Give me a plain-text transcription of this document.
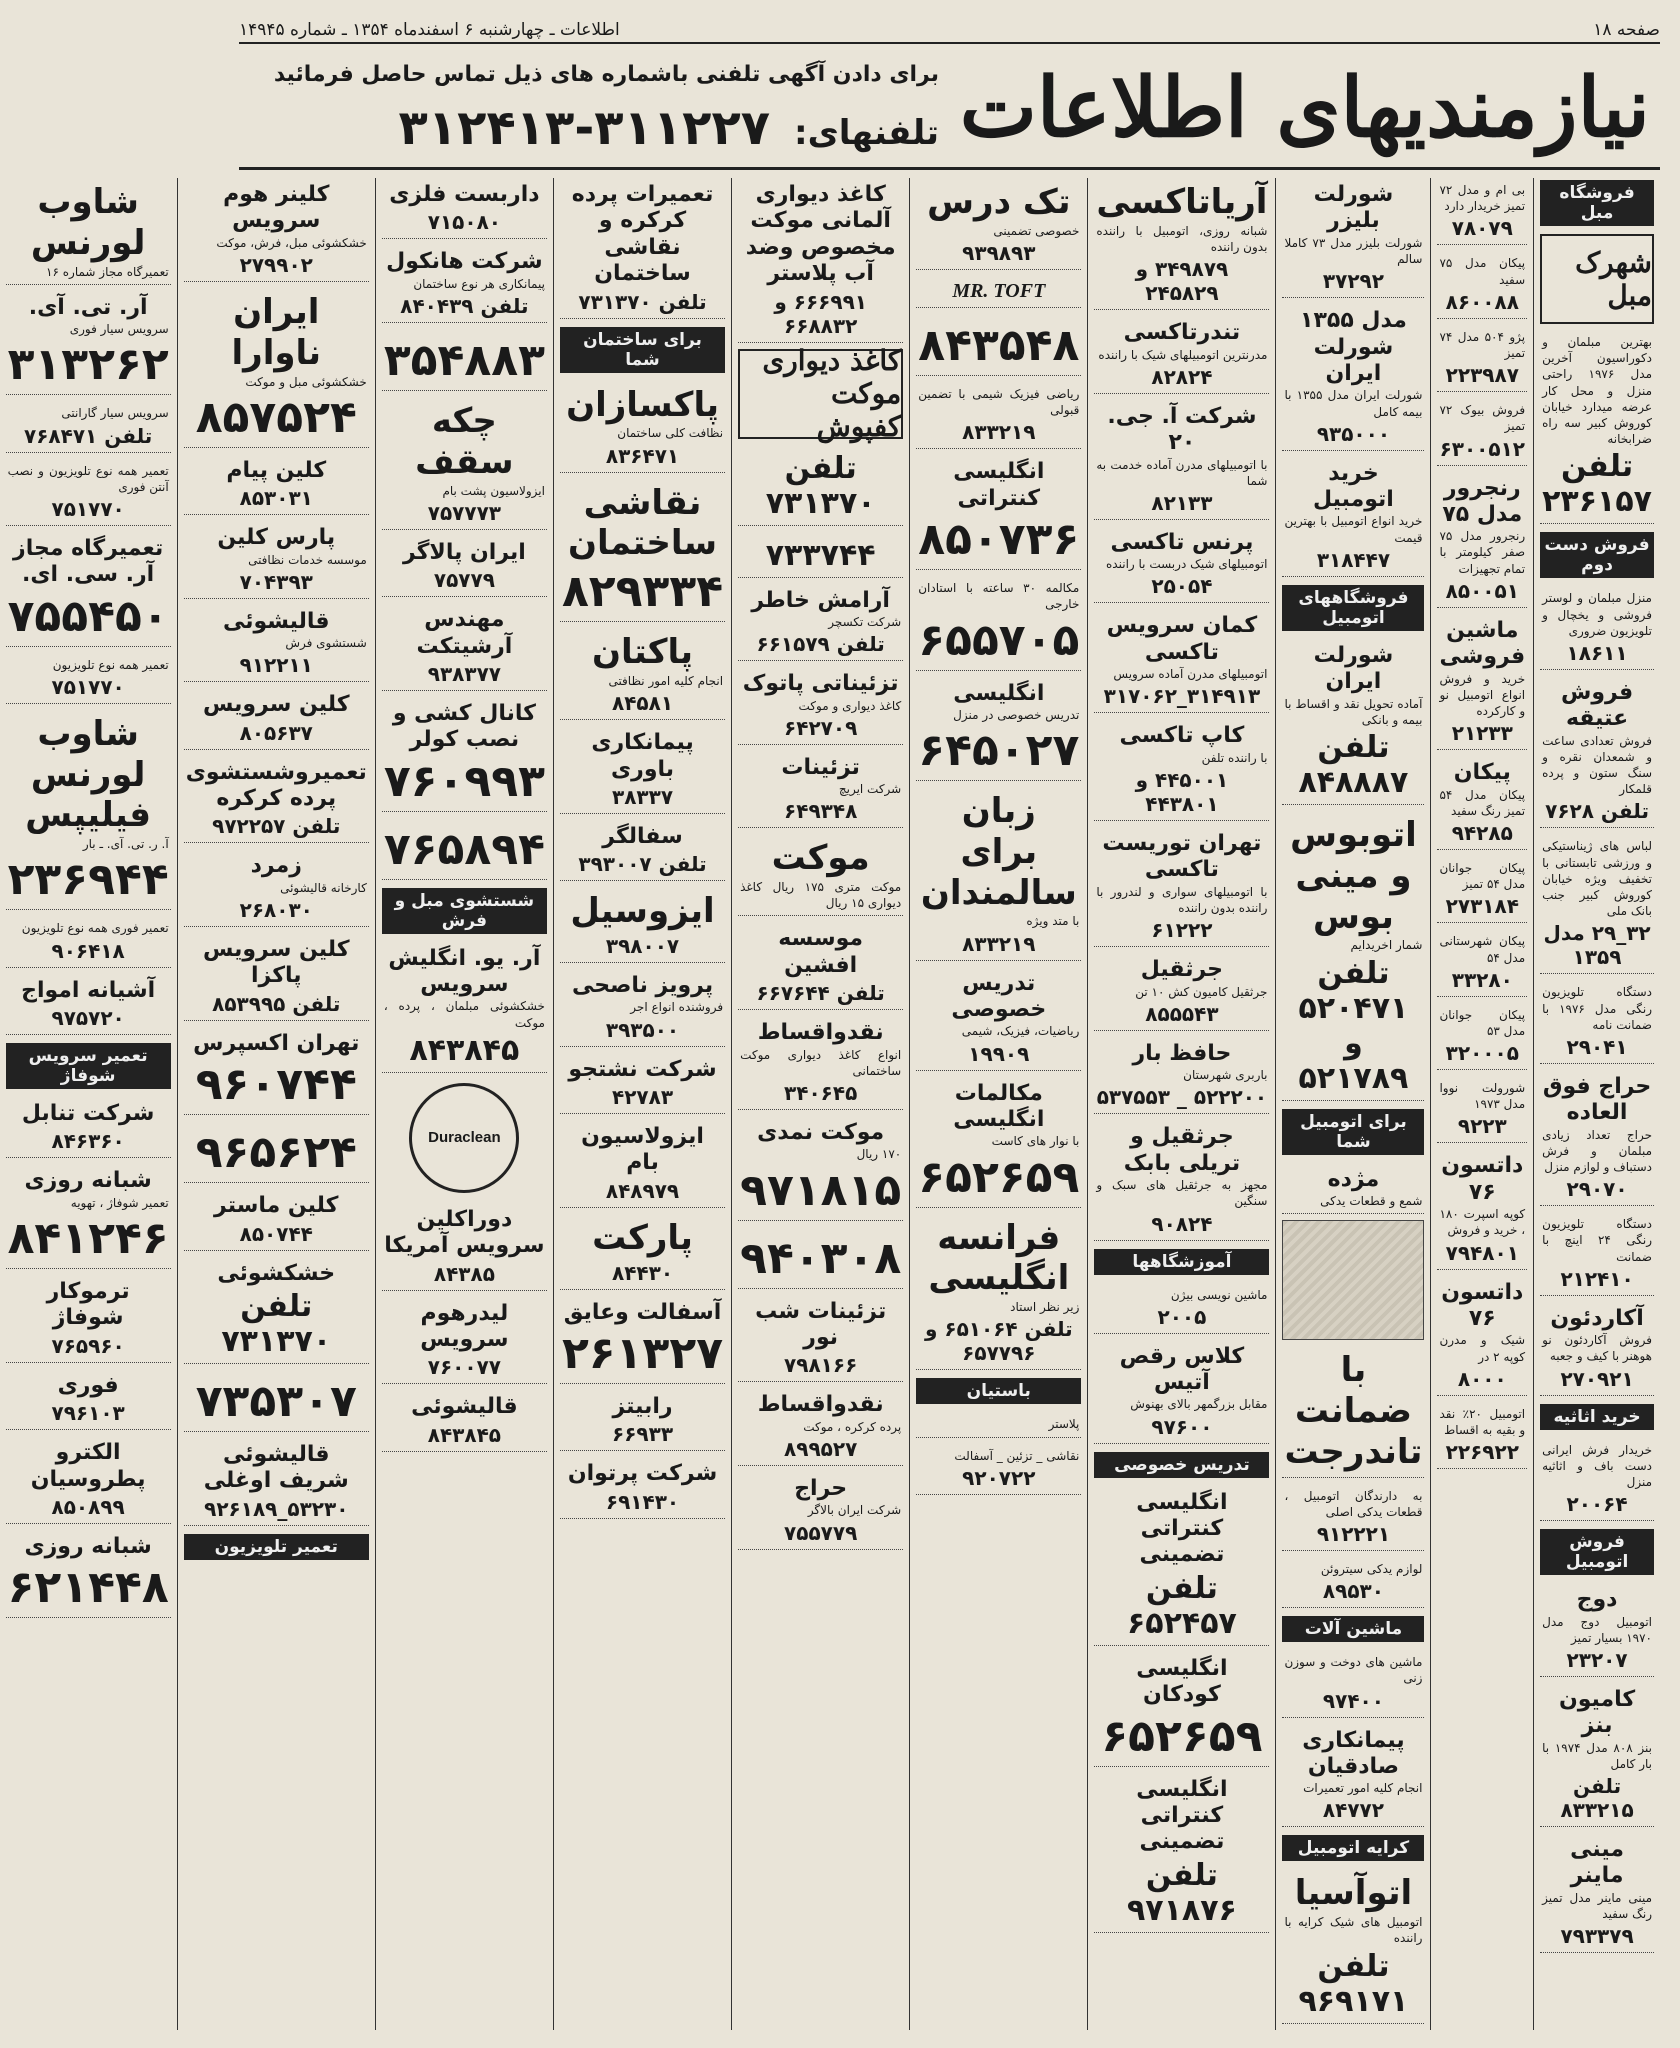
صفحه ۱۸
اطلاعات ـ چهارشنبه ۶ اسفندماه ۱۳۵۴ ـ شماره ۱۴۹۴۵
نیازمندیهای اطلاعات
برای دادن آگهی تلفنی باشماره های ذیل تماس حاصل فرمائید
تلفنهای:
۳۱۲۴۱۳-۳۱۱۲۲۷
فروشگاه مبل
شهرک مبل
بهترین مبلمان و دکوراسیون آخرین مدل ۱۹۷۶ راحتی منزل و محل کار عرضه میدارد خیابان کوروش کبیر سه راه ضرابخانه
تلفن ۲۳۶۱۵۷
فروش دست دوم
منزل مبلمان و لوستر فروشی و یخچال و تلویزیون ضروری
۱۸۶۱۱
فروش عتیقه
فروش تعدادی ساعت و شمعدان نقره و سنگ ستون و پرده قلمکار
تلفن ۷۶۲۸
لباس های ژیناستیکی و ورزشی تابستانی با تخفیف ویژه خیابان کوروش کبیر جنب بانک ملی
۳۲_۲۹ مدل ۱۳۵۹
دستگاه تلویزیون رنگی مدل ۱۹۷۶ با ضمانت نامه
۲۹۰۴۱
حراج فوق العاده
حراج تعداد زیادی مبلمان و فرش دستباف و لوازم منزل
۲۹۰۷۰
دستگاه تلویزیون رنگی ۲۴ اینچ با ضمانت
۲۱۲۴۱۰
آکاردئون
فروش آکاردئون نو هوهنر با کیف و جعبه
۲۷۰۹۲۱
خرید اثاثیه
خریدار فرش ایرانی دست باف و اثاثیه منزل
۲۰۰۶۴
فروش اتومبیل
دوج
اتومبیل دوج مدل ۱۹۷۰ بسیار تمیز
۲۳۲۰۷
کامیون بنز
بنز ۸۰۸ مدل ۱۹۷۴ با بار کامل
تلفن ۸۳۳۲۱۵
مینی ماینر
مینی ماینر مدل تمیز رنگ سفید
۷۹۳۳۷۹
بی ام و مدل ۷۲ تمیز خریدار دارد
۷۸۰۷۹
پیکان مدل ۷۵ سفید
۸۶۰۰۸۸
پژو ۵۰۴ مدل ۷۴ تمیز
۲۲۳۹۸۷
فروش بیوک ۷۲ تمیز
۶۳۰۰۵۱۲
رنجرور مدل ۷۵
رنجرور مدل ۷۵ صفر کیلومتر با تمام تجهیزات
۸۵۰۰۵۱
ماشین فروشی
خرید و فروش انواع اتومبیل نو و کارکرده
۲۱۲۳۳
پیکان
پیکان مدل ۵۴ تمیز رنگ سفید
۹۴۲۸۵
پیکان جوانان مدل ۵۴ تمیز
۲۷۳۱۸۴
پیکان شهرستانی مدل ۵۴
۳۳۲۸۰
پیکان جوانان مدل ۵۳
۳۲۰۰۰۵
شورولت نووا مدل ۱۹۷۳
۹۲۲۳
داتسون ۷۶
کوپه اسپرت ۱۸۰ ، خرید و فروش
۷۹۴۸۰۱
داتسون ۷۶
شیک و مدرن کوپه ۲ در
۸۰۰۰
اتومبیل ۲۰٪ نقد و بقیه به اقساط
۲۲۶۹۲۲
شورلت بلیزر
شورلت بلیزر مدل ۷۳ کاملا سالم
۳۷۲۹۲
مدل ۱۳۵۵ شورلت ایران
شورلت ایران مدل ۱۳۵۵ با بیمه کامل
۹۳۵۰۰۰
خرید اتومبیل
خرید انواع اتومبیل با بهترین قیمت
۳۱۸۴۴۷
فروشگاههای اتومبیل
شورلت ایران
آماده تحویل نقد و اقساط با بیمه و بانکی
تلفن ۸۴۸۸۸۷
اتوبوس و مینی بوس
شمار اخریدایم
تلفن ۵۲۰۴۷۱ و ۵۲۱۷۸۹
برای اتومبیل شما
مژده
شمع و قطعات یدکی
با ضمانت تاندرجت
به دارندگان اتومبیل ، قطعات یدکی اصلی
۹۱۲۲۲۱
لوازم یدکی سیتروئن
۸۹۵۳۰
ماشین آلات
ماشین های دوخت و سوزن زنی
۹۷۴۰۰
پیمانکاری صادقیان
انجام کلیه امور تعمیرات
۸۴۷۷۲
کرایه اتومبیل
اتوآسیا
اتومبیل های شیک کرایه با راننده
تلفن ۹۶۹۱۷۱
آریاتاکسی
شبانه روزی، اتومبیل با راننده بدون راننده
۳۴۹۸۷۹ و ۲۴۵۸۲۹
تندرتاکسی
مدرنترین اتومبیلهای شیک با راننده
۸۲۸۲۴
شرکت آ. جی. ۲۰
با اتومبیلهای مدرن آماده خدمت به شما
۸۲۱۳۳
پرنس تاکسی
اتومبیلهای شیک دربست با راننده
۲۵۰۵۴
کمان سرویس تاکسی
اتومبیلهای مدرن آماده سرویس
۳۱۴۹۱۳_۳۱۷۰۶۲
کاپ تاکسی
با راننده تلفن
۴۴۵۰۰۱ و ۴۴۳۸۰۱
تهران توریست تاکسی
با اتومبیلهای سواری و لندرور با راننده بدون راننده
۶۱۲۲۲
جرثقیل
جرثقیل کامیون کش ۱۰ تن
۸۵۵۵۴۳
حافظ بار
باربری شهرستان
۵۲۲۲۰۰ _ ۵۳۷۵۵۳
جرثقیل و تریلی بابک
مجهز به جرثقیل های سبک و سنگین
۹۰۸۲۴
آموزشگاهها
ماشین نویسی بیژن
۲۰۰۵
کلاس رقص آتیس
مقابل بزرگمهر بالای بهنوش
۹۷۶۰۰
تدریس خصوصی
انگلیسی کنتراتی تضمینی
تلفن ۶۵۲۴۵۷
انگلیسی کودکان
۶۵۲۶۵۹
انگلیسی کنتراتی تضمینی
تلفن ۹۷۱۸۷۶
تک درس
خصوصی تضمینی
۹۳۹۸۹۳
MR. TOFT
۸۴۳۵۴۸
ریاضی فیزیک شیمی با تضمین قبولی
۸۳۳۲۱۹
انگلیسی کنتراتی
۸۵۰۷۳۶
مکالمه ۳۰ ساعته با استادان خارجی
۶۵۵۷۰۵
انگلیسی
تدریس خصوصی در منزل
۶۴۵۰۲۷
زبان برای سالمندان
با متد ویژه
۸۳۳۲۱۹
تدریس خصوصی
ریاضیات، فیزیک، شیمی
۱۹۹۰۹
مکالمات انگلیسی
با نوار های کاست
۶۵۲۶۵۹
فرانسه انگلیسی
زیر نظر استاد
تلفن ۶۵۱۰۶۴ و ۶۵۷۷۹۶
باستیان
پلاستر
نقاشی _ تزئین _ آسفالت
۹۲۰۷۲۲
کاغذ دیواری آلمانی موکت مخصوص وضد آب پلاستر
۶۶۶۹۹۱ و ۶۶۸۸۳۲
کاغذ دیواری موکت کفپوش
تلفن ۷۳۱۳۷۰
۷۳۳۷۴۴
آرامش خاطر
شرکت تکسچر
تلفن ۶۶۱۵۷۹
تزئیناتی پاتوک
کاغذ دیواری و موکت
۶۴۲۷۰۹
تزئینات
شرکت ایریچ
۶۴۹۳۴۸
موکت
موکت متری ۱۷۵ ریال کاغذ دیواری ۱۵ ریال
موسسه افشین
تلفن ۶۶۷۶۴۴
نقدواقساط
انواع کاغذ دیواری موکت ساختمانی
۳۴۰۶۴۵
موکت نمدی
۱۷۰ ریال
۹۷۱۸۱۵
۹۴۰۳۰۸
تزئینات شب نور
۷۹۸۱۶۶
نقدواقساط
پرده کرکره ، موکت
۸۹۹۵۲۷
حراج
شرکت ایران بالاگر
۷۵۵۷۷۹
تعمیرات پرده کرکره و نقاشی ساختمان
تلفن ۷۳۱۳۷۰
برای ساختمان شما
پاکسازان
نظافت کلی ساختمان
۸۳۶۴۷۱
نقاشی ساختمان
۸۲۹۳۳۴
پاکتان
انجام کلیه امور نظافتی
۸۴۵۸۱
پیمانکاری باوری
۳۸۳۳۷
سفالگر
تلفن ۳۹۳۰۰۷
ایزوسیل
۳۹۸۰۰۷
پرویز ناصحی
فروشنده انواع اجر
۳۹۳۵۰۰
شرکت نشتجو
۴۲۷۸۳
ایزولاسیون بام
۸۴۸۹۷۹
پارکت
۸۴۴۳۰
آسفالت وعایق
۲۶۱۳۲۷
رابیتز
۶۶۹۳۳
شرکت پرتوان
۶۹۱۴۳۰
داربست فلزی
۷۱۵۰۸۰
شرکت هانکول
پیمانکاری هر نوع ساختمان
تلفن ۸۴۰۴۳۹
۳۵۴۸۸۳
چکه سقف
ایزولاسیون پشت بام
۷۵۷۷۷۳
ایران پالاگر
۷۵۷۷۹
مهندس آرشیتکت
۹۳۸۳۷۷
کانال کشی و نصب کولر
۷۶۰۹۹۳
۷۶۵۸۹۴
شستشوی مبل و فرش
آر. یو. انگلیش سرویس
خشکشوئی مبلمان ، پرده ، موکت
۸۴۳۸۴۵
Duraclean
دوراکلین سرویس آمریکا
۸۴۳۸۵
لیدرهوم سرویس
۷۶۰۰۷۷
قالیشوئی
۸۴۳۸۴۵
کلینر هوم سرویس
خشکشوئی مبل، فرش، موکت
۲۷۹۹۰۲
ایران ناوارا
خشکشوئی مبل و موکت
۸۵۷۵۲۴
کلین پیام
۸۵۳۰۳۱
پارس کلین
موسسه خدمات نظافتی
۷۰۴۳۹۳
قالیشوئی
شستشوی فرش
۹۱۲۲۱۱
کلین سرویس
۸۰۵۶۳۷
تعمیروشستشوی پرده کرکره
تلفن ۹۷۲۲۵۷
زمرد
کارخانه قالیشوئی
۲۶۸۰۳۰
کلین سرویس پاکزا
تلفن ۸۵۳۹۹۵
تهران اکسپرس
۹۶۰۷۴۴
۹۶۵۶۲۴
کلین ماستر
۸۵۰۷۴۴
خشکشوئی
تلفن ۷۳۱۳۷۰
۷۳۵۳۰۷
قالیشوئی شریف اوغلی
۵۳۲۳۰_۹۲۶۱۸۹
تعمیر تلویزیون
شاوب لورنس
تعمیرگاه مجاز شماره ۱۶
آر. تی. آی.
سرویس سیار فوری
۳۱۳۲۶۲
سرویس سیار گارانتی
تلفن ۷۶۸۴۷۱
تعمیر همه نوع تلویزیون و نصب آنتن فوری
۷۵۱۷۷۰
تعمیرگاه مجاز آر. سی. ای.
۷۵۵۴۵۰
تعمیر همه نوع تلویزیون
۷۵۱۷۷۰
شاوب لورنس فیلیپس
آ. ر. تی. آی. ـ بار
۲۳۶۹۴۴
تعمیر فوری همه نوع تلویزیون
۹۰۶۴۱۸
آشیانه امواج
۹۷۵۷۲۰
تعمیر سرویس شوفاژ
شرکت تنابل
۸۴۶۳۶۰
شبانه روزی
تعمیر شوفاژ ، تهویه
۸۴۱۲۴۶
ترموکار شوفاژ
۷۶۵۹۶۰
فوری
۷۹۶۱۰۳
الکترو پطروسیان
۸۵۰۸۹۹
شبانه روزی
۶۲۱۴۴۸
